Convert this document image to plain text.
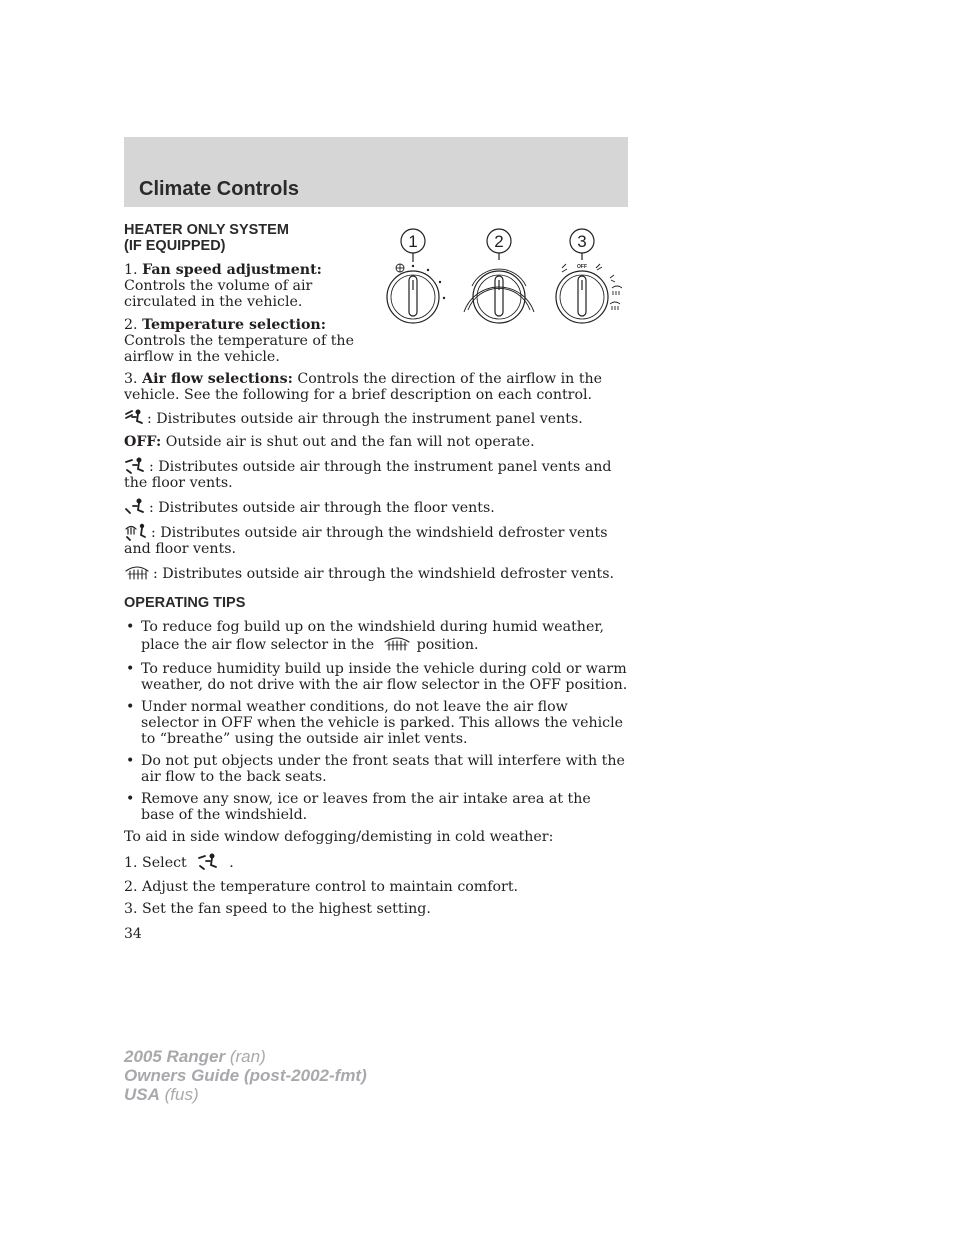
Climate Controls
1	2	3
OFF

HEATER ONLY SYSTEM

(IF EQUIPPED)

1. Fan speed adjustment: Controls the volume of air circulated in the vehicle.

2. Temperature selection: Controls the temperature of the airflow in the vehicle.

3. Air flow selections: Controls the direction of the airflow in the vehicle. See the following for a brief description on each control.

: Distributes outside air through the instrument panel vents.

OFF: Outside air is shut out and the fan will not operate.

: Distributes outside air through the instrument panel vents and the floor vents.

: Distributes outside air through the floor vents.

: Distributes outside air through the windshield defroster vents and floor vents.

: Distributes outside air through the windshield defroster vents.

OPERATING TIPS

• To reduce fog build up on the windshield during humid weather, place the air flow selector in the	position.
• To reduce humidity build up inside the vehicle during cold or warm weather, do not drive with the air flow selector in the OFF position.
• Under normal weather conditions, do not leave the air flow selector in OFF when the vehicle is parked. This allows the vehicle to “breathe” using the outside air inlet vents.
• Do not put objects under the front seats that will interfere with the air flow to the back seats.
• Remove any snow, ice or leaves from the air intake area at the base of the windshield.

To aid in side window defogging/demisting in cold weather:

1. Select	.

2. Adjust the temperature control to maintain comfort.

3. Set the fan speed to the highest setting.

34
2005 Ranger (ran)
Owners Guide (post-2002-fmt)
USA (fus)
